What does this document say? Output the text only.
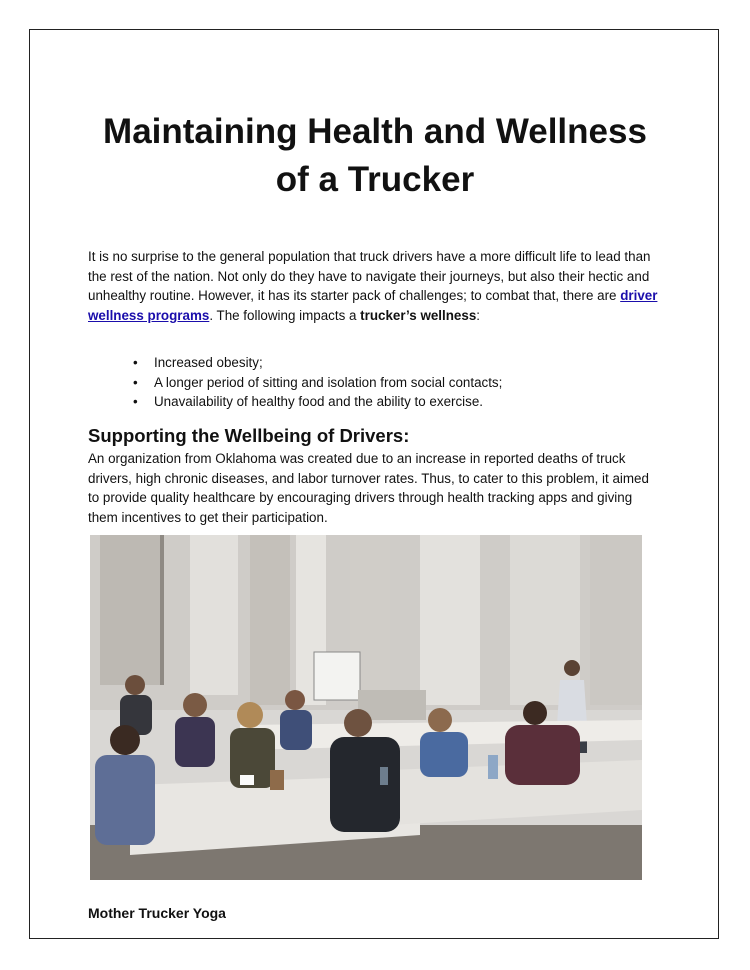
Maintaining Health and Wellness
of a Trucker

It is no surprise to the general population that truck drivers have a more difficult life to lead than the rest of the nation. Not only do they have to navigate their journeys, but also their hectic and unhealthy routine. However, it has its starter pack of challenges; to combat that, there are driver wellness programs. The following impacts a trucker’s wellness:

• Increased obesity;
• A longer period of sitting and isolation from social contacts;
• Unavailability of healthy food and the ability to exercise.
Supporting the Wellbeing of Drivers:

An organization from Oklahoma was created due to an increase in reported deaths of truck drivers, high chronic diseases, and labor turnover rates. Thus, to cater to this problem, it aimed to provide quality healthcare by encouraging drivers through health tracking apps and giving them incentives to get their participation.

Mother Trucker Yoga
